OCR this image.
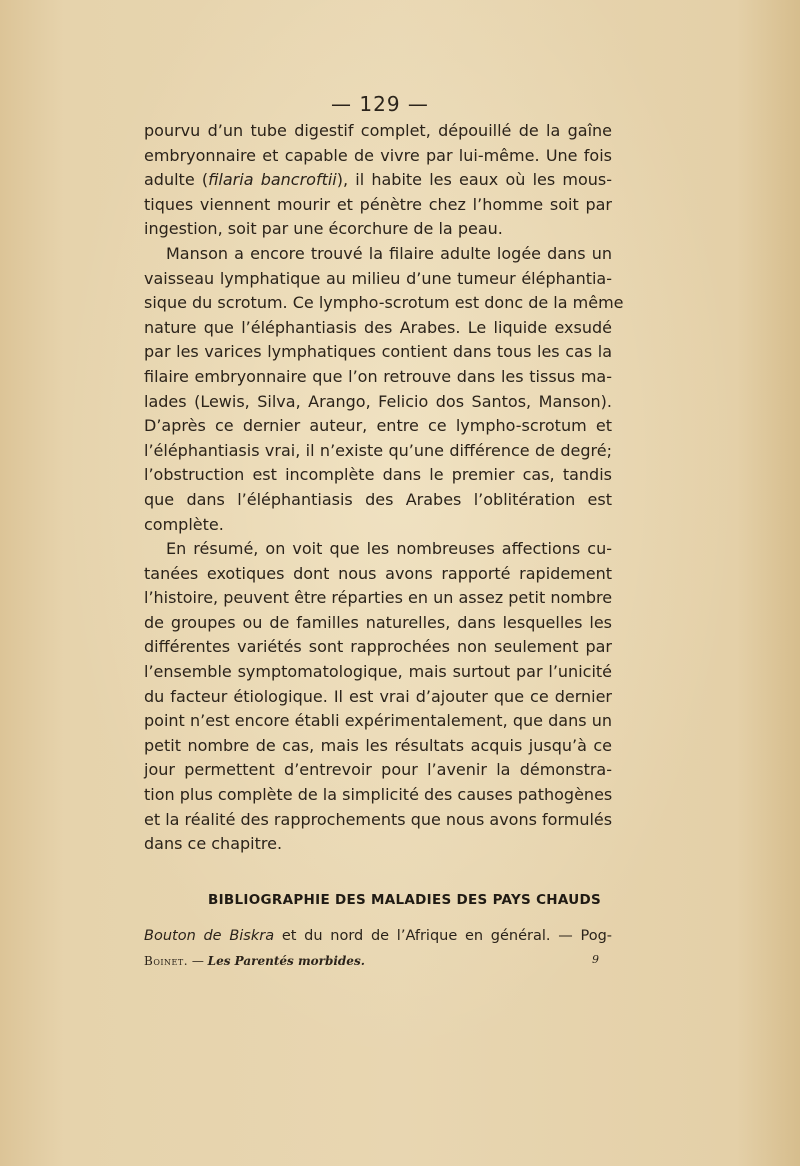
— 129 —
pourvu d’un tube digestif complet, dépouillé de la gaîne
embryonnaire et capable de vivre par lui-même. Une fois
adulte (filaria bancroftii), il habite les eaux où les mous-
tiques viennent mourir et pénètre chez l’homme soit par
ingestion, soit par une écorchure de la peau.
Manson a encore trouvé la filaire adulte logée dans un
vaisseau lymphatique au milieu d’une tumeur éléphantia-
sique du scrotum. Ce lympho-scrotum est donc de la même
nature que l’éléphantiasis des Arabes. Le liquide exsudé
par les varices lymphatiques contient dans tous les cas la
filaire embryonnaire que l’on retrouve dans les tissus ma-
lades (Lewis, Silva, Arango, Felicio dos Santos, Manson).
D’après ce dernier auteur, entre ce lympho-scrotum et
l’éléphantiasis vrai, il n’existe qu’une différence de degré;
l’obstruction est incomplète dans le premier cas, tandis
que dans l’éléphantiasis des Arabes l’oblitération est
complète.
En résumé, on voit que les nombreuses affections cu-
tanées exotiques dont nous avons rapporté rapidement
l’histoire, peuvent être réparties en un assez petit nombre
de groupes ou de familles naturelles, dans lesquelles les
différentes variétés sont rapprochées non seulement par
l’ensemble symptomatologique, mais surtout par l’unicité
du facteur étiologique. Il est vrai d’ajouter que ce dernier
point n’est encore établi expérimentalement, que dans un
petit nombre de cas, mais les résultats acquis jusqu’à ce
jour permettent d’entrevoir pour l’avenir la démonstra-
tion plus complète de la simplicité des causes pathogènes
et la réalité des rapprochements que nous avons formulés
dans ce chapitre.
BIBLIOGRAPHIE DES MALADIES DES PAYS CHAUDS
Bouton de Biskra et du nord de l’Afrique en général. — Pog-
Boinet. — Les Parentés morbides.	9
